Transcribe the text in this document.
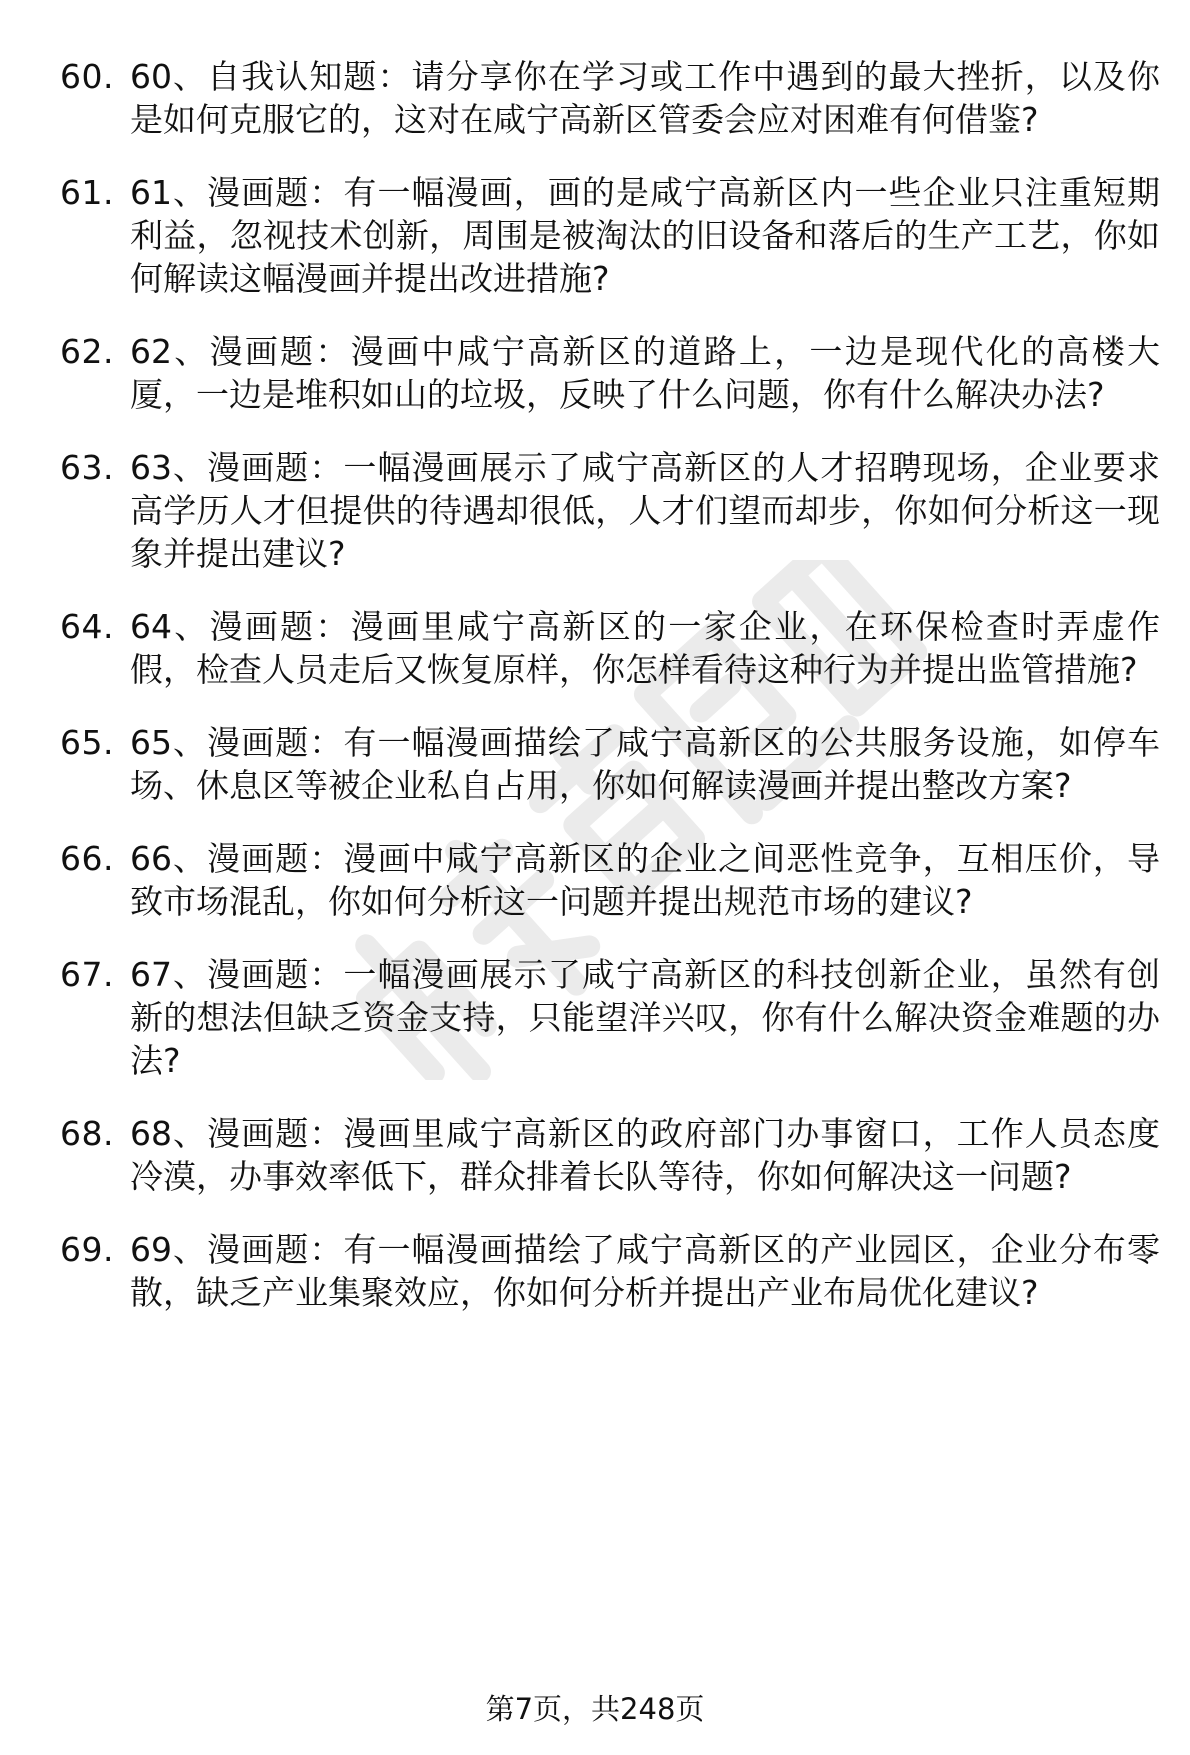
60. 60、自我认知题：请分享你在学习或工作中遇到的最大挫折，以及你是如何克服它的，这对在咸宁高新区管委会应对困难有何借鉴?
61. 61、漫画题：有一幅漫画，画的是咸宁高新区内一些企业只注重短期利益，忽视技术创新，周围是被淘汰的旧设备和落后的生产工艺，你如何解读这幅漫画并提出改进措施?
62. 62、漫画题：漫画中咸宁高新区的道路上，一边是现代化的高楼大厦，一边是堆积如山的垃圾，反映了什么问题，你有什么解决办法?
63. 63、漫画题：一幅漫画展示了咸宁高新区的人才招聘现场，企业要求高学历人才但提供的待遇却很低，人才们望而却步，你如何分析这一现象并提出建议?
64. 64、漫画题：漫画里咸宁高新区的一家企业，在环保检查时弄虚作假，检查人员走后又恢复原样，你怎样看待这种行为并提出监管措施?
65. 65、漫画题：有一幅漫画描绘了咸宁高新区的公共服务设施，如停车场、休息区等被企业私自占用，你如何解读漫画并提出整改方案?
66. 66、漫画题：漫画中咸宁高新区的企业之间恶性竞争，互相压价，导致市场混乱，你如何分析这一问题并提出规范市场的建议?
67. 67、漫画题：一幅漫画展示了咸宁高新区的科技创新企业，虽然有创新的想法但缺乏资金支持，只能望洋兴叹，你有什么解决资金难题的办法?
68. 68、漫画题：漫画里咸宁高新区的政府部门办事窗口，工作人员态度冷漠，办事效率低下，群众排着长队等待，你如何解决这一问题?
69. 69、漫画题：有一幅漫画描绘了咸宁高新区的产业园区，企业分布零散，缺乏产业集聚效应，你如何分析并提出产业布局优化建议?
第7页，共248页
